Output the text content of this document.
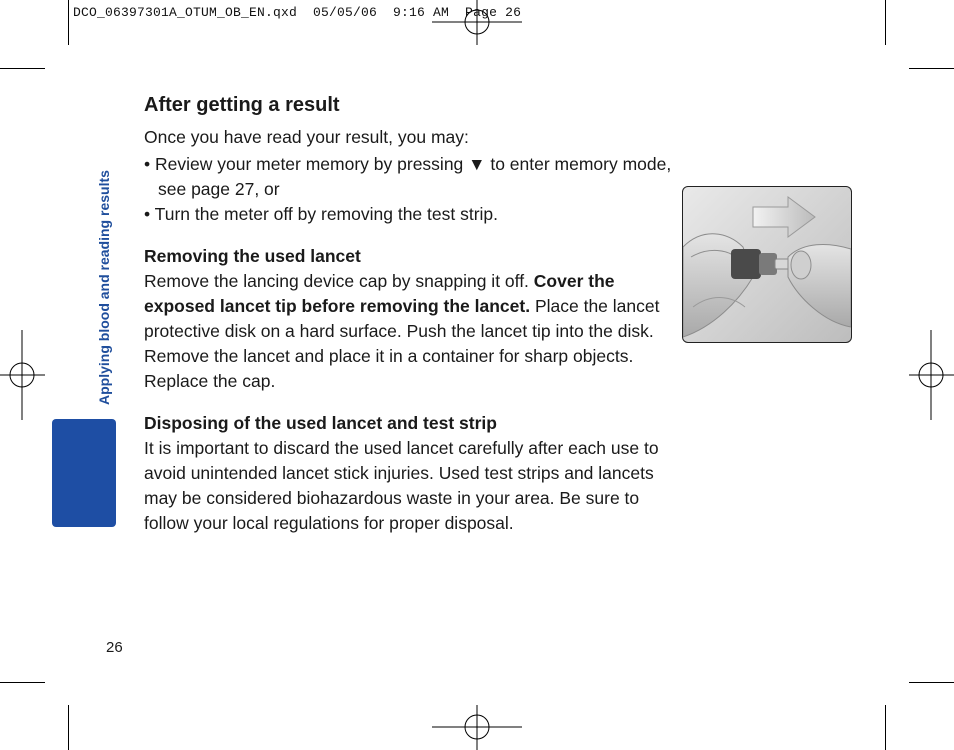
DCO_06397301A_OTUM_OB_EN.qxd  05/05/06  9:16 AM  Page 26
Applying blood and reading results
After getting a result

Once you have read your result, you may:

• Review your meter memory by pressing ▼ to enter memory mode, see page 27, or

• Turn the meter off by removing the test strip.

Removing the used lancet

Remove the lancing device cap by snapping it off. Cover the exposed lancet tip before removing the lancet. Place the lancet protective disk on a hard surface. Push the lancet tip into the disk. Remove the lancet and place it in a container for sharp objects. Replace the cap.

Disposing of the used lancet and test strip

It is important to discard the used lancet carefully after each use to avoid unintended lancet stick injuries. Used test strips and lancets may be considered biohazardous waste in your area. Be sure to follow your local regulations for proper disposal.

26
